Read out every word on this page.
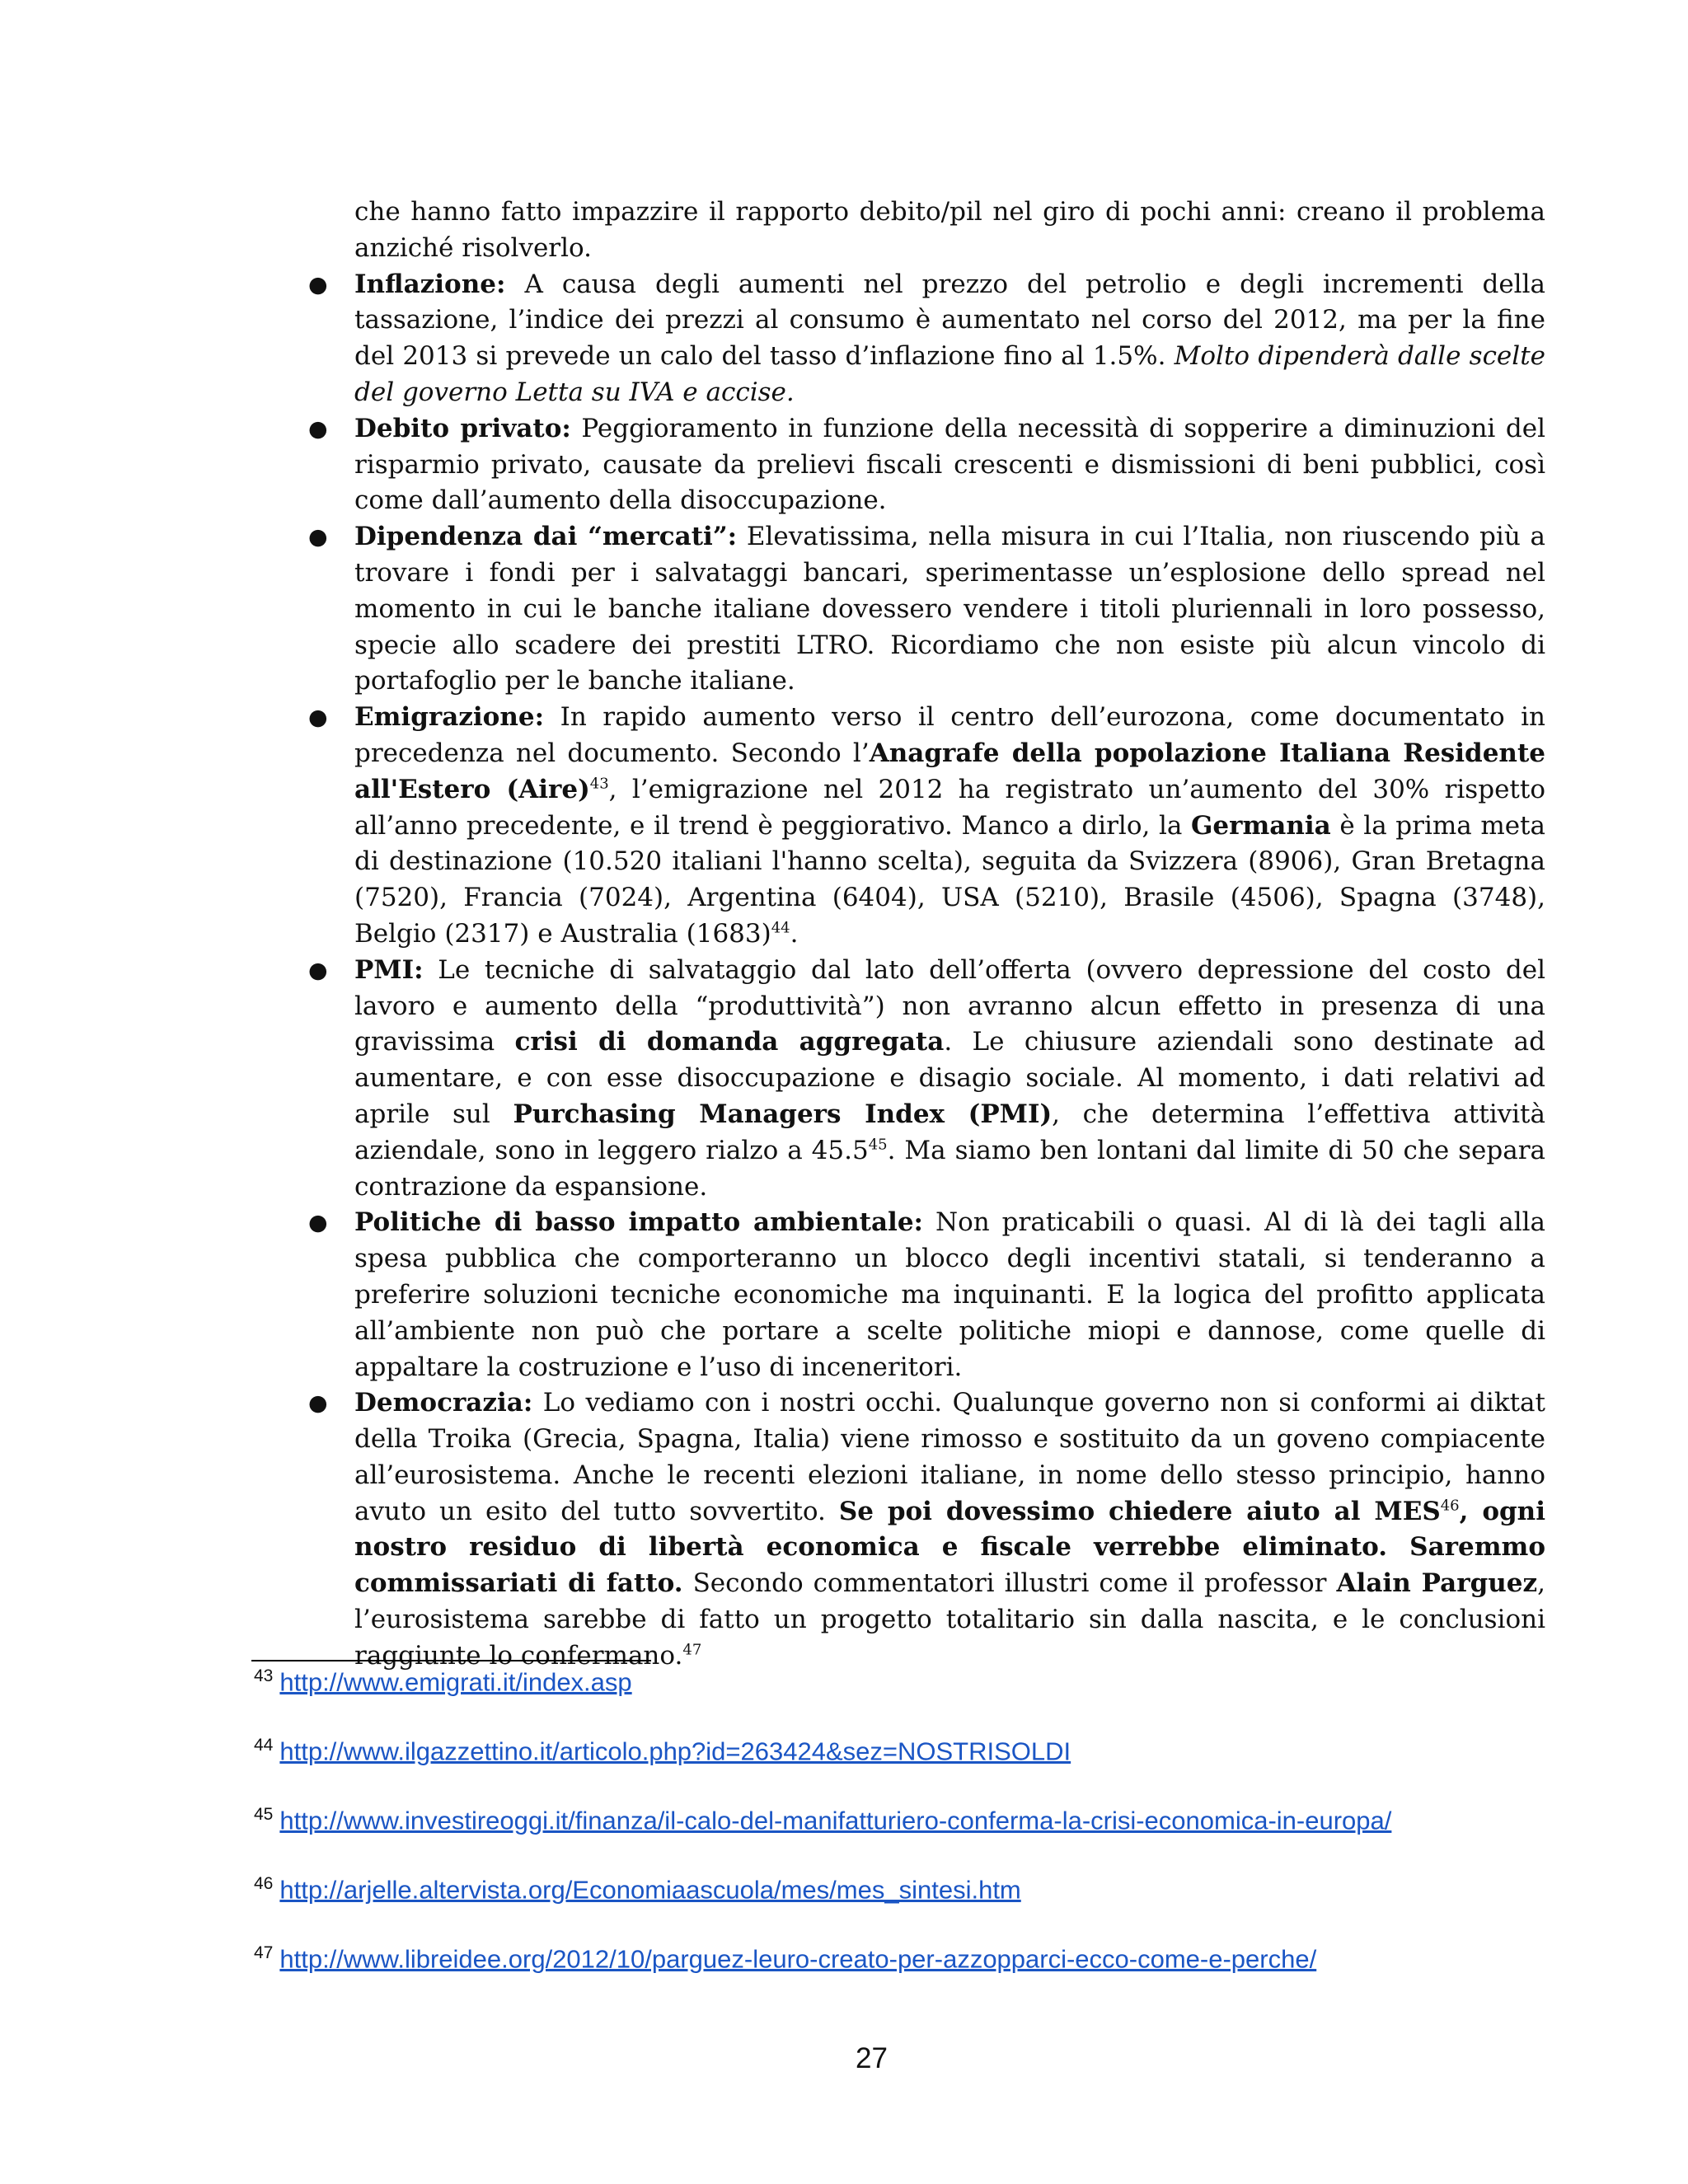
che hanno fatto impazzire il rapporto debito/pil nel giro di pochi anni: creano il problema anziché risolverlo.

● Inflazione: A causa degli aumenti nel prezzo del petrolio e degli incrementi della tassazione, l’indice dei prezzi al consumo è aumentato nel corso del 2012, ma per la fine del 2013 si prevede un calo del tasso d’inflazione fino al 1.5%. Molto dipenderà dalle scelte del governo Letta su IVA e accise.
● Debito privato: Peggioramento in funzione della necessità di sopperire a diminuzioni del risparmio privato, causate da prelievi fiscali crescenti e dismissioni di beni pubblici, così come dall’aumento della disoccupazione.
● Dipendenza dai “mercati”: Elevatissima, nella misura in cui l’Italia, non riuscendo più a trovare i fondi per i salvataggi bancari, sperimentasse un’esplosione dello spread nel momento in cui le banche italiane dovessero vendere i titoli pluriennali in loro possesso, specie allo scadere dei prestiti LTRO. Ricordiamo che non esiste più alcun vincolo di portafoglio per le banche italiane.
● Emigrazione: In rapido aumento verso il centro dell’eurozona, come documentato in precedenza nel documento. Secondo l’Anagrafe della popolazione Italiana Residente all'Estero (Aire)$^{43}$, l’emigrazione nel 2012 ha registrato un’aumento del 30% rispetto all’anno precedente, e il trend è peggiorativo. Manco a dirlo, la Germania è la prima meta di destinazione (10.520 italiani l'hanno scelta), seguita da Svizzera (8906), Gran Bretagna (7520), Francia (7024), Argentina (6404), USA (5210), Brasile (4506), Spagna (3748), Belgio (2317) e Australia (1683)$^{44}$.
● PMI: Le tecniche di salvataggio dal lato dell’offerta (ovvero depressione del costo del lavoro e aumento della “produttività”) non avranno alcun effetto in presenza di una gravissima crisi di domanda aggregata. Le chiusure aziendali sono destinate ad aumentare, e con esse disoccupazione e disagio sociale. Al momento, i dati relativi ad aprile sul Purchasing Managers Index (PMI), che determina l’effettiva attività aziendale, sono in leggero rialzo a 45.5$^{45}$. Ma siamo ben lontani dal limite di 50 che separa contrazione da espansione.
● Politiche di basso impatto ambientale: Non praticabili o quasi. Al di là dei tagli alla spesa pubblica che comporteranno un blocco degli incentivi statali, si tenderanno a preferire soluzioni tecniche economiche ma inquinanti. E la logica del profitto applicata all’ambiente non può che portare a scelte politiche miopi e dannose, come quelle di appaltare la costruzione e l’uso di inceneritori.
● Democrazia: Lo vediamo con i nostri occhi. Qualunque governo non si conformi ai diktat della Troika (Grecia, Spagna, Italia) viene rimosso e sostituito da un goveno compiacente all’eurosistema. Anche le recenti elezioni italiane, in nome dello stesso principio, hanno avuto un esito del tutto sovvertito. Se poi dovessimo chiedere aiuto al MES$^{46}$, ogni nostro residuo di libertà economica e fiscale verrebbe eliminato. Saremmo commissariati di fatto. Secondo commentatori illustri come il professor Alain Parguez, l’eurosistema sarebbe di fatto un progetto totalitario sin dalla nascita, e le conclusioni raggiunte lo confermano.$^{47}$
$^{43}$ http://www.emigrati.it/index.asp
$^{44}$ http://www.ilgazzettino.it/articolo.php?id=263424&sez=NOSTRISOLDI
$^{45}$ http://www.investireoggi.it/finanza/il-calo-del-manifatturiero-conferma-la-crisi-economica-in-europa/
$^{46}$ http://arjelle.altervista.org/Economiaascuola/mes/mes_sintesi.htm
$^{47}$ http://www.libreidee.org/2012/10/parguez-leuro-creato-per-azzopparci-ecco-come-e-perche/
27
